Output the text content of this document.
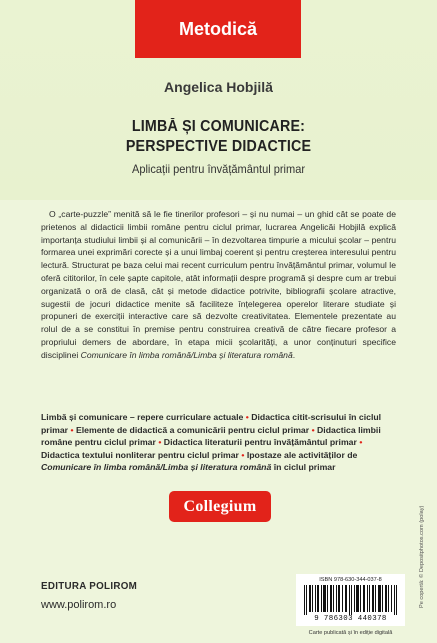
Metodică
Angelica Hobjilă
LIMBĂ ȘI COMUNICARE:
PERSPECTIVE DIDACTICE
Aplicații pentru învățământul primar

O „carte-puzzle” menită să le fie tinerilor profesori – și nu numai – un ghid cât se poate de prietenos al didacticii limbii române pentru ciclul primar, lucrarea Angelicăi Hobjilă explică importanța studiului limbii și al comunicării – în dezvoltarea timpurie a micului școlar – pentru formarea unei exprimări corecte și a unui limbaj coerent și pentru creșterea interesului pentru lectură. Structurat pe baza celui mai recent curriculum pentru învățământul primar, volumul le oferă cititorilor, în cele șapte capitole, atât informații despre programă și despre cum ar trebui organizată o oră de clasă, cât și metode didactice potrivite, bibliografii școlare atractive, sugestii de jocuri didactice menite să faciliteze înțelegerea operelor literare studiate și propuneri de exerciții interactive care să dezvolte creativitatea. Elementele prezentate au rolul de a se constitui în premise pentru construirea creativă de către fiecare profesor a propriului demers de abordare, în etapa micii școlarități, a unor conținuturi specifice disciplinei Comunicare în limba română/Limba și literatura română.

Limbă și comunicare – repere curriculare actuale • Didactica citit-scrisului în ciclul primar • Elemente de didactică a comunicării pentru ciclul primar • Didactica limbii române pentru ciclul primar • Didactica literaturii pentru învățământul primar • Didactica textului nonliterar pentru ciclul primar • Ipostaze ale activităților de Comunicare în limba română/Limba și literatura română în ciclul primar
Collegium
EDITURA POLIROM
www.polirom.ro
ISBN 978-630-344-037-8
9 786303 440378
Carte publicată și în ediție digitală
Pe copertă: © Depositphotos.com (polay)
